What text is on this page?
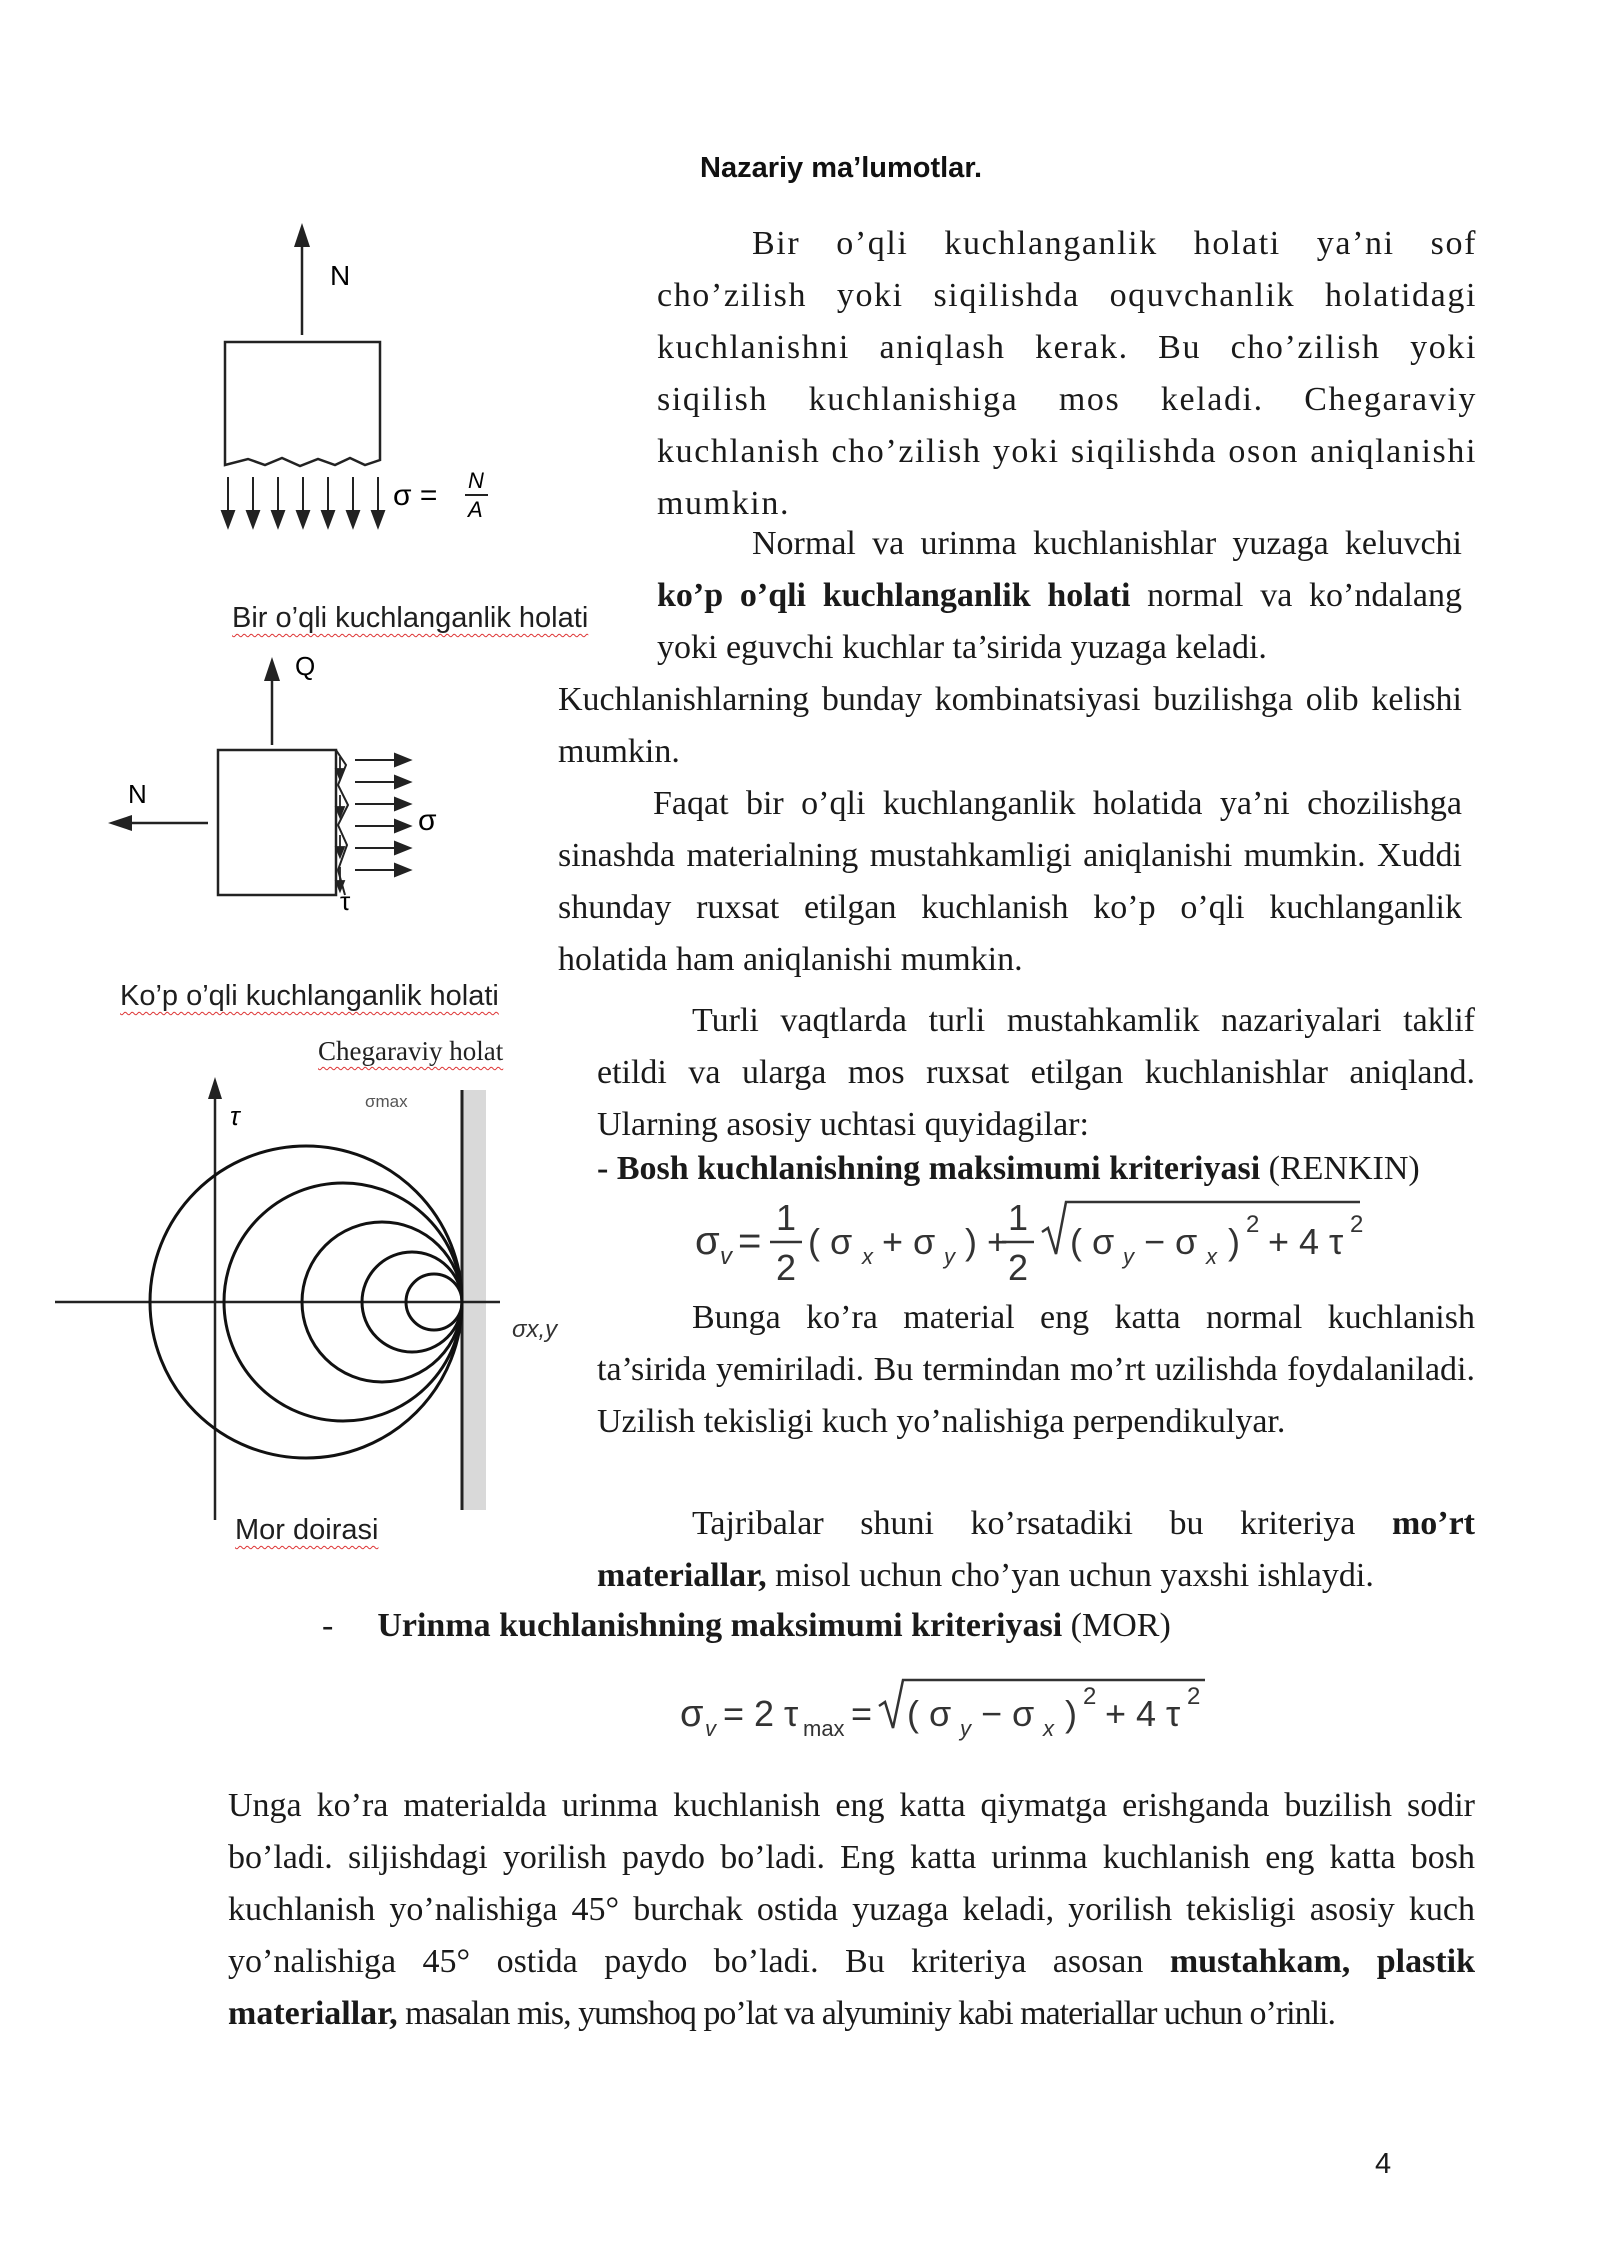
Nazariy ma’lumotlar.
N
σ = N
A
Bir o’qli kuchlanganlik holati
Q
N
σ
τ
Ko’p o’qli kuchlanganlik holati
Chegaraviy holat
τ	σmax
σx,y
Mor doirasi

Bir o’qli kuchlanganlik holati ya’ni sof cho’zilish yoki siqilishda oquvchanlik holatidagi kuchlanishni aniqlash kerak. Bu cho’zilish yoki siqilish kuchlanishiga mos keladi. Chegaraviy kuchlanish cho’zilish yoki siqilishda oson aniqlanishi mumkin.

Normal va urinma kuchlanishlar yuzaga keluvchi ko’p o’qli kuchlanganlik holati normal va ko’ndalang yoki eguvchi kuchlar ta’sirida yuzaga keladi.

Kuchlanishlarning bunday kombinatsiyasi buzilishga olib kelishi mumkin.

Faqat bir o’qli kuchlanganlik holatida ya’ni chozilishga sinashda materialning mustahkamligi aniqlanishi mumkin. Xuddi shunday ruxsat etilgan kuchlanish ko’p o’qli kuchlanganlik holatida ham aniqlanishi mumkin.

Turli vaqtlarda turli mustahkamlik nazariyalari taklif etildi va ularga mos ruxsat etilgan kuchlanishlar aniqland. Ularning asosiy uchtasi quyidagilar:

- Bosh kuchlanishning maksimumi kriteriyasi (RENKIN)
σ v =
1
2
( σ x + σ y ) +
1
2
( σ y − σ x ) 2
+ 4 τ 2

Bunga ko’ra material eng katta normal kuchlanish ta’sirida yemiriladi. Bu termindan mo’rt uzilishda foydalaniladi. Uzilish tekisligi kuch yo’nalishiga perpendikulyar.

Tajribalar shuni ko’rsatadiki bu kriteriya mo’rt materiallar, misol uchun cho’yan uchun yaxshi ishlaydi.

- Urinma kuchlanishning maksimumi kriteriyasi (MOR)
σ v = 2 τ max = ( σ y − σ x ) 2
+ 4 τ 2

Unga ko’ra materialda urinma kuchlanish eng katta qiymatga erishganda buzilish sodir bo’ladi. siljishdagi yorilish paydo bo’ladi. Eng katta urinma kuchlanish eng katta bosh kuchlanish yo’nalishiga 45° burchak ostida yuzaga keladi, yorilish tekisligi asosiy kuch yo’nalishiga 45° ostida paydo bo’ladi. Bu kriteriya asosan mustahkam, plastik materiallar, masalan mis, yumshoq po’lat va alyuminiy kabi materiallar uchun o’rinli.

4
